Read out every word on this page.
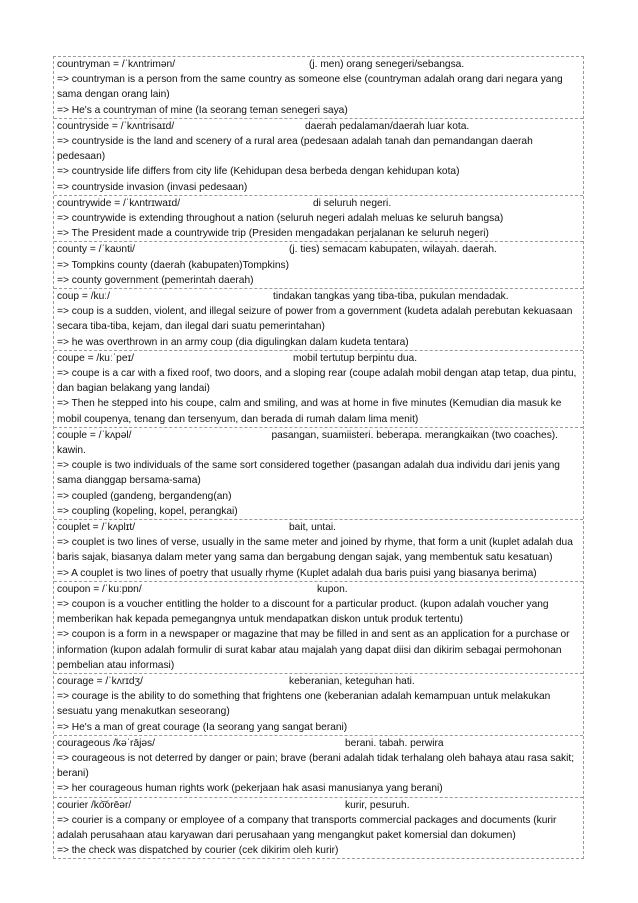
countryman = /ˈkʌntrimən/	(j. men) orang senegeri/sebangsa.
=> countryman is a person from the same country as someone else (countryman adalah orang dari negara yang sama dengan orang lain)
=> He's a countryman of mine (Ia seorang teman senegeri saya)
countryside = /ˈkʌntrisaɪd/	daerah pedalaman/daerah luar kota.
=> countryside is the land and scenery of a rural area (pedesaan adalah tanah dan pemandangan daerah pedesaan)
=> countryside life differs from city life (Kehidupan desa berbeda dengan kehidupan kota)
=> countryside invasion (invasi pedesaan)
countrywide = /ˈkʌntrɪwaɪd/	di seluruh negeri.
=> countrywide is extending throughout a nation (seluruh negeri adalah meluas ke seluruh bangsa)
=> The President made a countrywide trip (Presiden mengadakan perjalanan ke seluruh negeri)
county = /ˈkaʊnti/	(j. ties) semacam kabupaten, wilayah. daerah.
=> Tompkins county (daerah (kabupaten)Tompkins)
=> county government (pemerintah daerah)
coup = /kuː/	tindakan tangkas yang tiba-tiba, pukulan mendadak.
=> coup is a sudden, violent, and illegal seizure of power from a government (kudeta adalah perebutan kekuasaan secara tiba-tiba, kejam, dan ilegal dari suatu pemerintahan)
=> he was overthrown in an army coup (dia digulingkan dalam kudeta tentara)
coupe = /kuːˈpeɪ/	mobil tertutup berpintu dua.
=> coupe is a car with a fixed roof, two doors, and a sloping rear (coupe adalah mobil dengan atap tetap, dua pintu, dan bagian belakang yang landai)
=> Then he stepped into his coupe, calm and smiling, and was at home in five minutes (Kemudian dia masuk ke mobil coupenya, tenang dan tersenyum, dan berada di rumah dalam lima menit)
couple = /ˈkʌpəl/	pasangan, suamiisteri. beberapa. merangkaikan (two coaches). kawin.
=> couple is two individuals of the same sort considered together (pasangan adalah dua individu dari jenis yang sama dianggap bersama-sama)
=> coupled (gandeng, bergandeng(an)
=> coupling (kopeling, kopel, perangkai)
couplet = /ˈkʌplɪt/	bait, untai.
=> couplet is two lines of verse, usually in the same meter and joined by rhyme, that form a unit (kuplet adalah dua baris sajak, biasanya dalam meter yang sama dan bergabung dengan sajak, yang membentuk satu kesatuan)
=> A couplet is two lines of poetry that usually rhyme (Kuplet adalah dua baris puisi yang biasanya berima)
coupon = /ˈkuːpɒn/	kupon.
=> coupon is a voucher entitling the holder to a discount for a particular product. (kupon adalah voucher yang memberikan hak kepada pemegangnya untuk mendapatkan diskon untuk produk tertentu)
=> coupon is a form in a newspaper or magazine that may be filled in and sent as an application for a purchase or information (kupon adalah formulir di surat kabar atau majalah yang dapat diisi dan dikirim sebagai permohonan pembelian atau informasi)
courage = /ˈkʌrɪdʒ/	keberanian, keteguhan hati.
=> courage is the ability to do something that frightens one (keberanian adalah kemampuan untuk melakukan sesuatu yang menakutkan seseorang)
=> He's a man of great courage (Ia seorang yang sangat berani)
courageous /kəˈrājəs/	berani. tabah. perwira
=> courageous is not deterred by danger or pain; brave (berani adalah tidak terhalang oleh bahaya atau rasa sakit; berani)
=> her courageous human rights work (pekerjaan hak asasi manusianya yang berani)
courier /ko͝orēər/	kurir, pesuruh.
=> courier is a company or employee of a company that transports commercial packages and documents (kurir adalah perusahaan atau karyawan dari perusahaan yang mengangkut paket komersial dan dokumen)
=> the check was dispatched by courier (cek dikirim oleh kurir)
